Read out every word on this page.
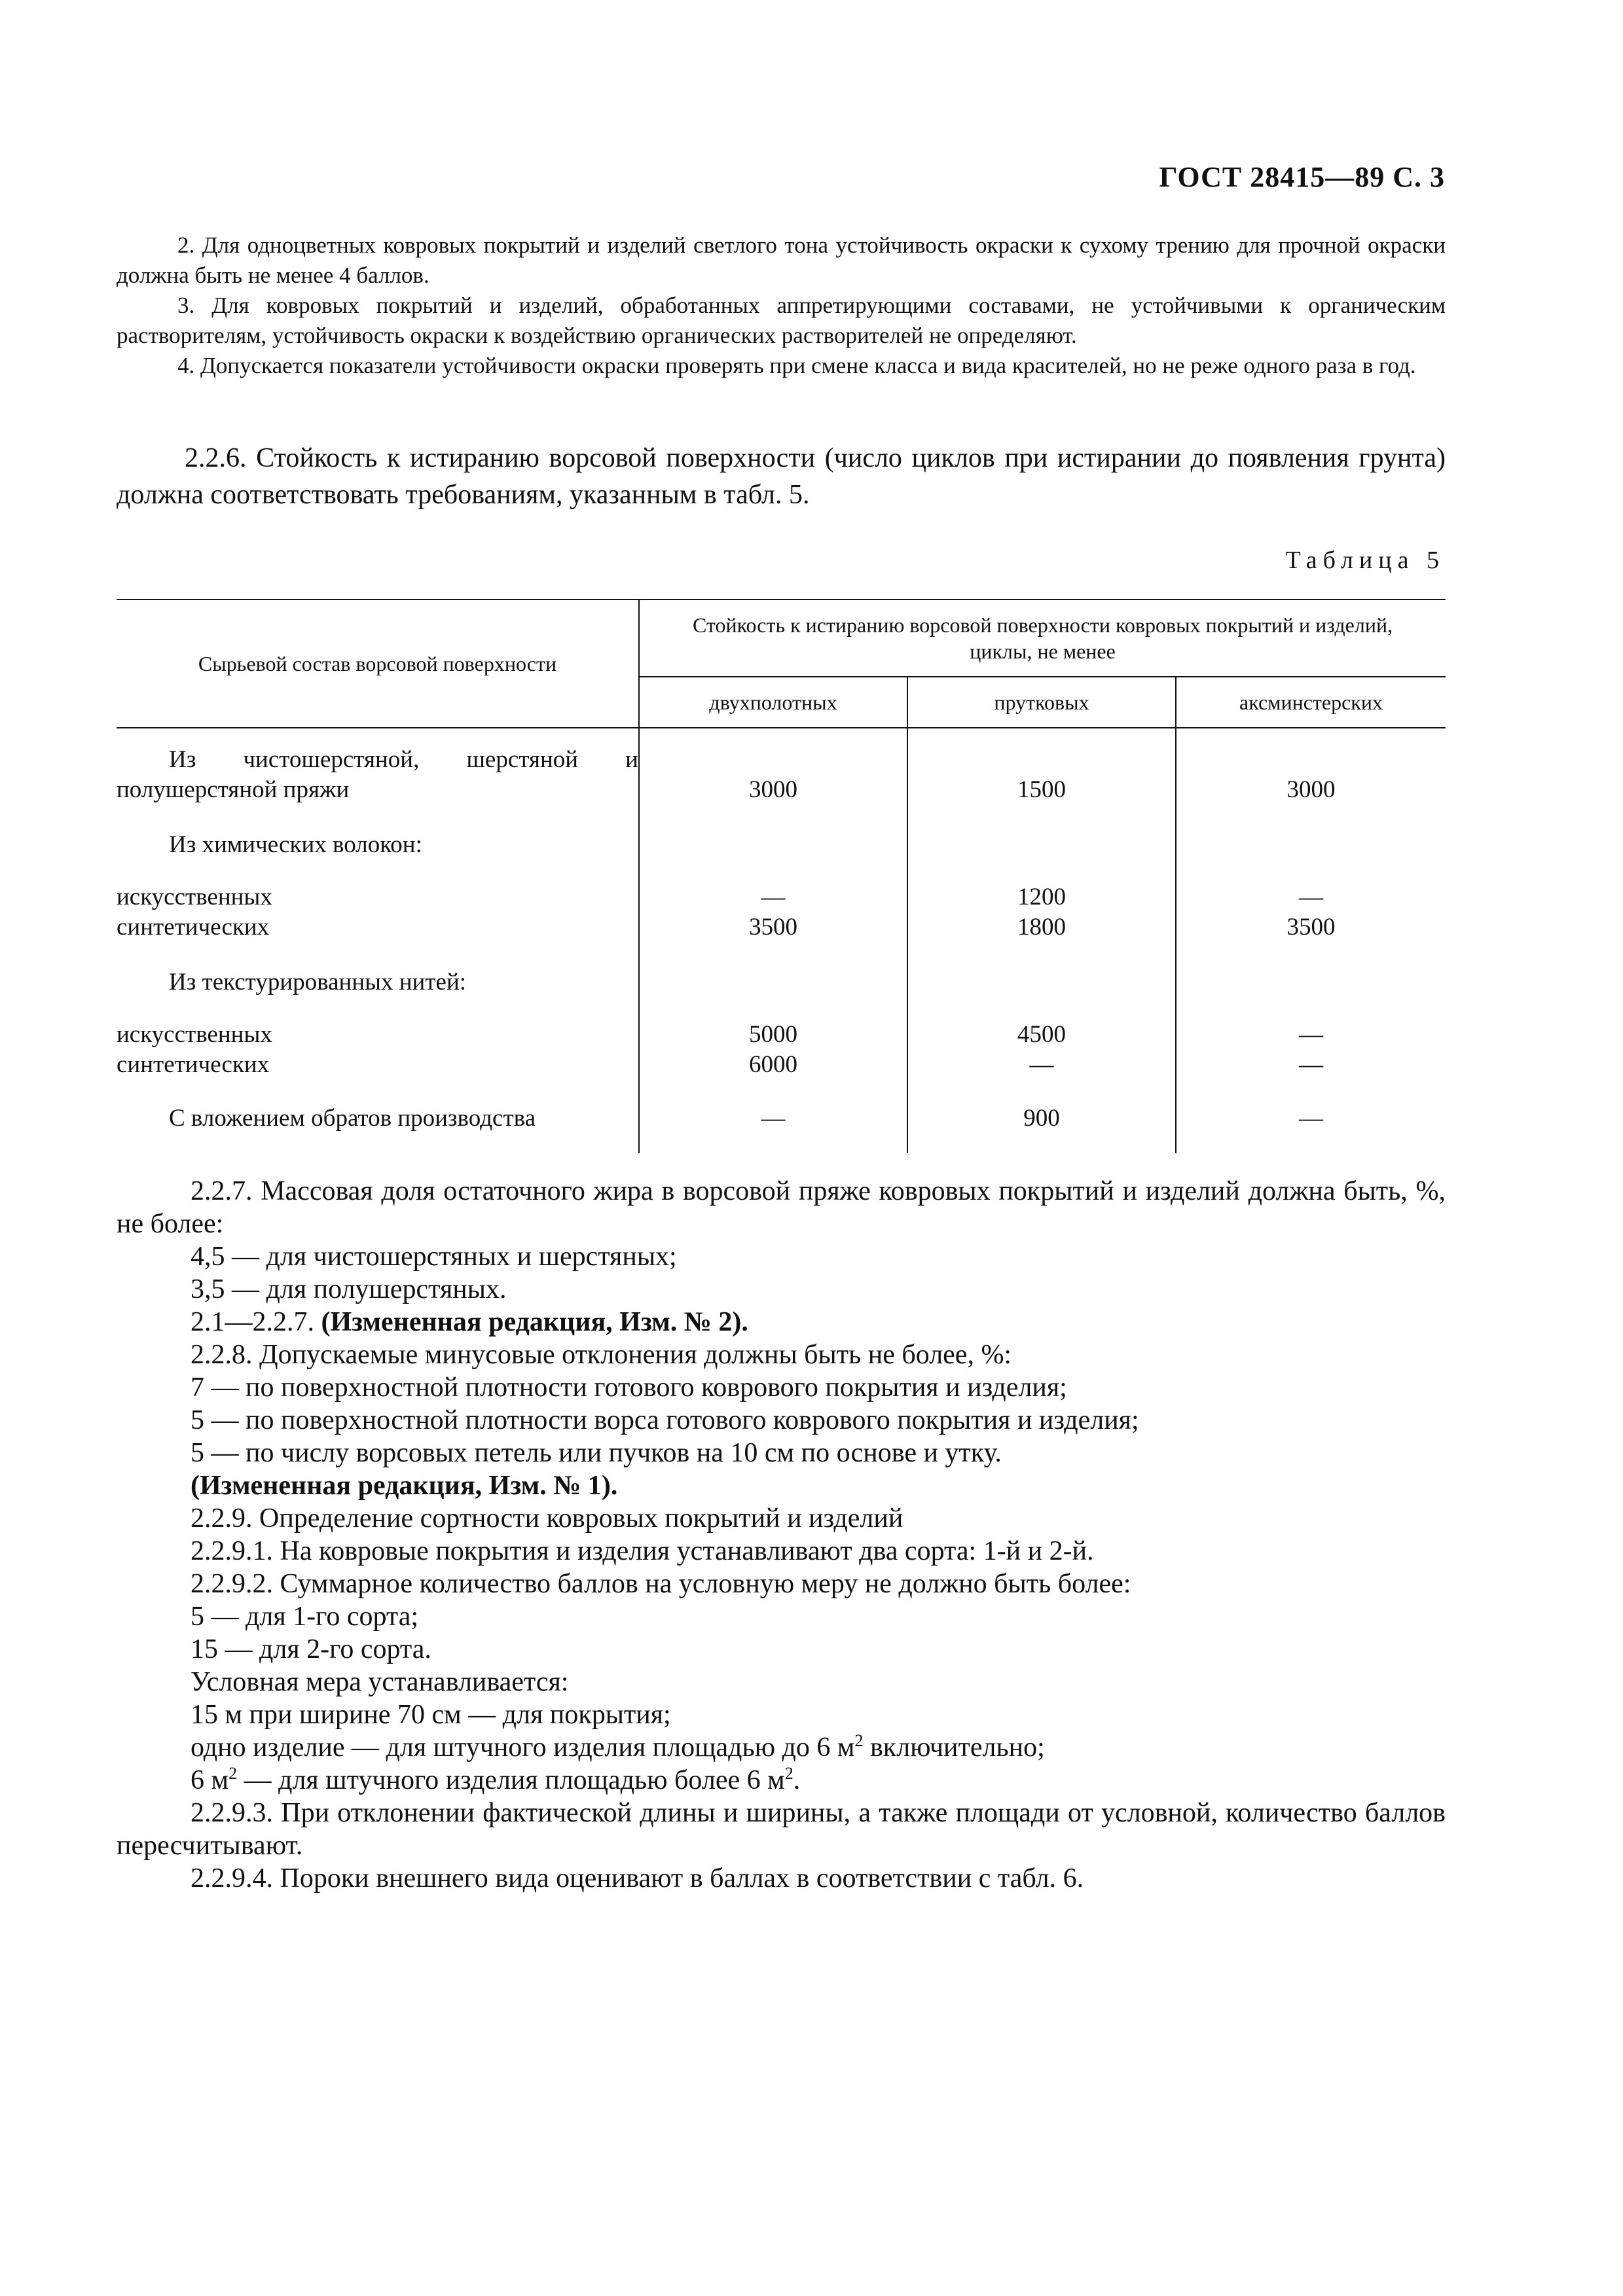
ГОСТ 28415—89 С. 3

2. Для одноцветных ковровых покрытий и изделий светлого тона устойчивость окраски к сухому трению для прочной окраски должна быть не менее 4 баллов.

3. Для ковровых покрытий и изделий, обработанных аппретирующими составами, не устойчивыми к органическим растворителям, устойчивость окраски к воздействию органических растворителей не определяют.

4. Допускается показатели устойчивости окраски проверять при смене класса и вида красителей, но не реже одного раза в год.

2.2.6. Стойкость к истиранию ворсовой поверхности (число циклов при истирании до появления грунта) должна соответствовать требованиям, указанным в табл. 5.

Таблица 5
Сырьевой состав ворсовой поверхности	Стойкость к истиранию ворсовой поверхности ковровых покрытий и изделий, циклы, не менее		
	двухполотных	прутковых	аксминстерских
Из чистошерстяной, шерстяной и полушерстяной пряжи	3000	1500	3000
Из химических волокон:			
искусственных	—	1200	—
синтетических	3500	1800	3500
Из текстурированных нитей:			
искусственных	5000	4500	—
синтетических	6000	—	—
С вложением обратов производства	—	900	—

2.2.7. Массовая доля остаточного жира в ворсовой пряже ковровых покрытий и изделий должна быть, %, не более:

4,5 — для чистошерстяных и шерстяных;

3,5 — для полушерстяных.

2.1—2.2.7. (Измененная редакция, Изм. № 2).

2.2.8. Допускаемые минусовые отклонения должны быть не более, %:

7 — по поверхностной плотности готового коврового покрытия и изделия;

5 — по поверхностной плотности ворса готового коврового покрытия и изделия;

5 — по числу ворсовых петель или пучков на 10 см по основе и утку.

(Измененная редакция, Изм. № 1).

2.2.9. Определение сортности ковровых покрытий и изделий

2.2.9.1. На ковровые покрытия и изделия устанавливают два сорта: 1-й и 2-й.

2.2.9.2. Суммарное количество баллов на условную меру не должно быть более:

5 — для 1-го сорта;

15 — для 2-го сорта.

Условная мера устанавливается:

15 м при ширине 70 см — для покрытия;

одно изделие — для штучного изделия площадью до 6 $м^2$ включительно;

6 $м^2$ — для штучного изделия площадью более 6 $м^2$.

2.2.9.3. При отклонении фактической длины и ширины, а также площади от условной, количество баллов пересчитывают.

2.2.9.4. Пороки внешнего вида оценивают в баллах в соответствии с табл. 6.
